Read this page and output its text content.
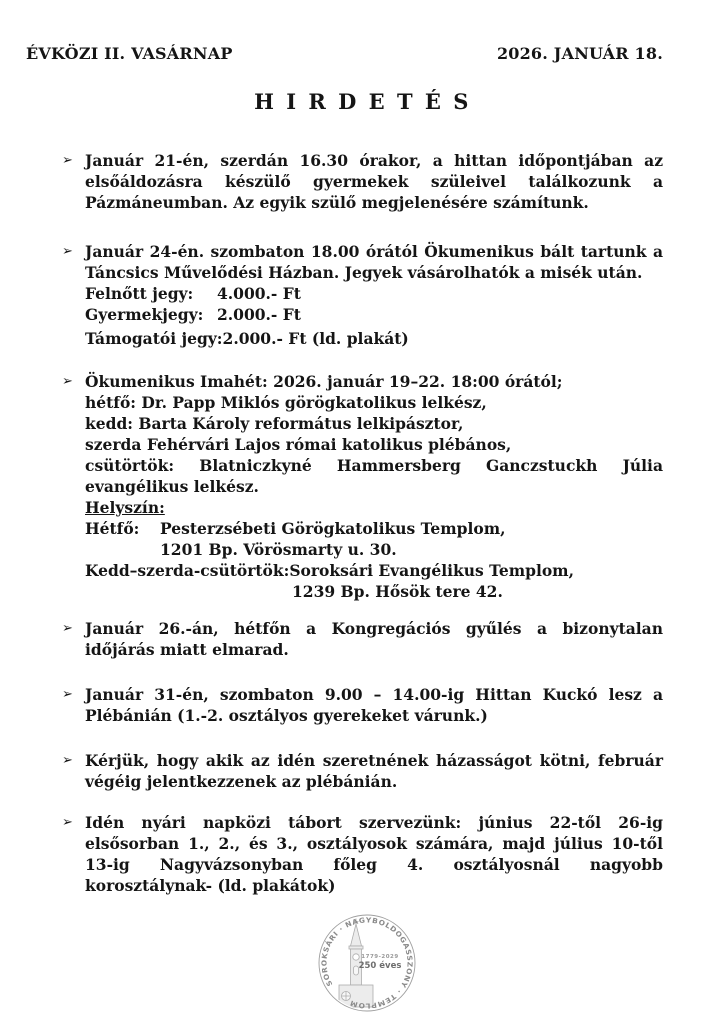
ÉVKÖZI II. VASÁRNAP	2026. JANUÁR 18.
H I R D E T É S
➢ Január 21-én, szerdán 16.30 órakor, a hittan időpontjában az elsőáldozásra készülő gyermekek szüleivel találkozunk a Pázmáneumban. Az egyik szülő megjelenésére számítunk.

➢ Január 24-én. szombaton 18.00 órától Ökumenikus bált tartunk a Táncsics Művelődési Házban. Jegyek vásárolhatók a misék után.

Felnőtt jegy: 4.000.- Ft
Gyermekjegy: 2.000.- Ft
Támogatói jegy:2.000.- Ft (ld. plakát)
➢ Ökumenikus Imahét: 2026. január 19–22. 18:00 órától;

hétfő: Dr. Papp Miklós görögkatolikus lelkész,
kedd: Barta Károly református lelkipásztor,
szerda Fehérvári Lajos római katolikus plébános,
csütörtök: Blatniczkyné Hammersberg Ganczstuckh Júlia evangélikus lelkész.
Helyszín:
Hétfő: Pesterzsébeti Görögkatolikus Templom,
1201 Bp. Vörösmarty u. 30.
Kedd–szerda-csütörtök:Soroksári Evangélikus Templom,
1239 Bp. Hősök tere 42.
➢ Január 26.-án, hétfőn a Kongregációs gyűlés a bizonytalan időjárás miatt elmarad.

➢ Január 31-én, szombaton 9.00 – 14.00-ig Hittan Kuckó lesz a Plébánián (1.-2. osztályos gyerekeket várunk.)

➢ Kérjük, hogy akik az idén szeretnének házasságot kötni, február végéig jelentkezzenek az plébánián.

➢ Idén nyári napközi tábort szervezünk: június 22-től 26-ig elsősorban 1., 2., és 3., osztályosok számára, majd július 10-től 13-ig Nagyvázsonyban főleg 4. osztályosnál nagyobb korosztálynak- (ld. plakátok)

SOROKSÁRI · NAGYBOLDOGASSZONY · TEMPLOM
1779-2029
250 éves
